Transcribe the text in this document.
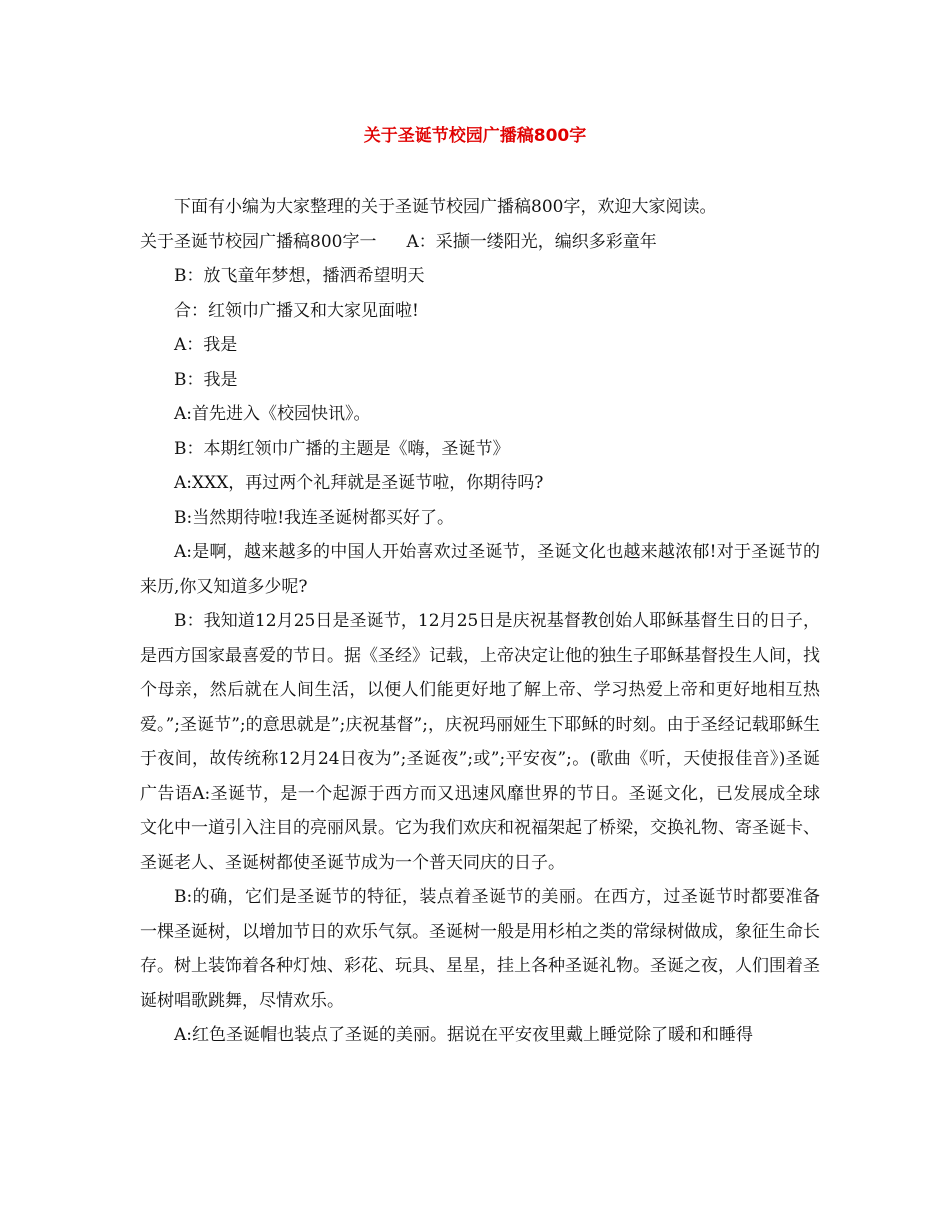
关于圣诞节校园广播稿800字

下面有小编为大家整理的关于圣诞节校园广播稿800字，欢迎大家阅读。

关于圣诞节校园广播稿800字一 A：采撷一缕阳光，编织多彩童年

B：放飞童年梦想，播洒希望明天

合：红领巾广播又和大家见面啦!

A：我是

B：我是

A:首先进入《校园快讯》。

B：本期红领巾广播的主题是《嗨，圣诞节》

A:XXX，再过两个礼拜就是圣诞节啦，你期待吗?

B:当然期待啦!我连圣诞树都买好了。

A:是啊，越来越多的中国人开始喜欢过圣诞节，圣诞文化也越来越浓郁!对于圣诞节的来历,你又知道多少呢?

B：我知道12月25日是圣诞节，12月25日是庆祝基督教创始人耶稣基督生日的日子，是西方国家最喜爱的节日。据《圣经》记载，上帝决定让他的独生子耶稣基督投生人间，找个母亲，然后就在人间生活，以便人们能更好地了解上帝、学习热爱上帝和更好地相互热爱。”;圣诞节”;的意思就是”;庆祝基督”;，庆祝玛丽娅生下耶稣的时刻。由于圣经记载耶稣生于夜间，故传统称12月24日夜为”;圣诞夜”;或”;平安夜”;。(歌曲《听，天使报佳音》)圣诞广告语A:圣诞节，是一个起源于西方而又迅速风靡世界的节日。圣诞文化，已发展成全球文化中一道引入注目的亮丽风景。它为我们欢庆和祝福架起了桥梁，交换礼物、寄圣诞卡、圣诞老人、圣诞树都使圣诞节成为一个普天同庆的日子。

B:的确，它们是圣诞节的特征，装点着圣诞节的美丽。在西方，过圣诞节时都要准备一棵圣诞树，以增加节日的欢乐气氛。圣诞树一般是用杉柏之类的常绿树做成，象征生命长存。树上装饰着各种灯烛、彩花、玩具、星星，挂上各种圣诞礼物。圣诞之夜，人们围着圣诞树唱歌跳舞，尽情欢乐。

A:红色圣诞帽也装点了圣诞的美丽。据说在平安夜里戴上睡觉除了暖和和睡得
